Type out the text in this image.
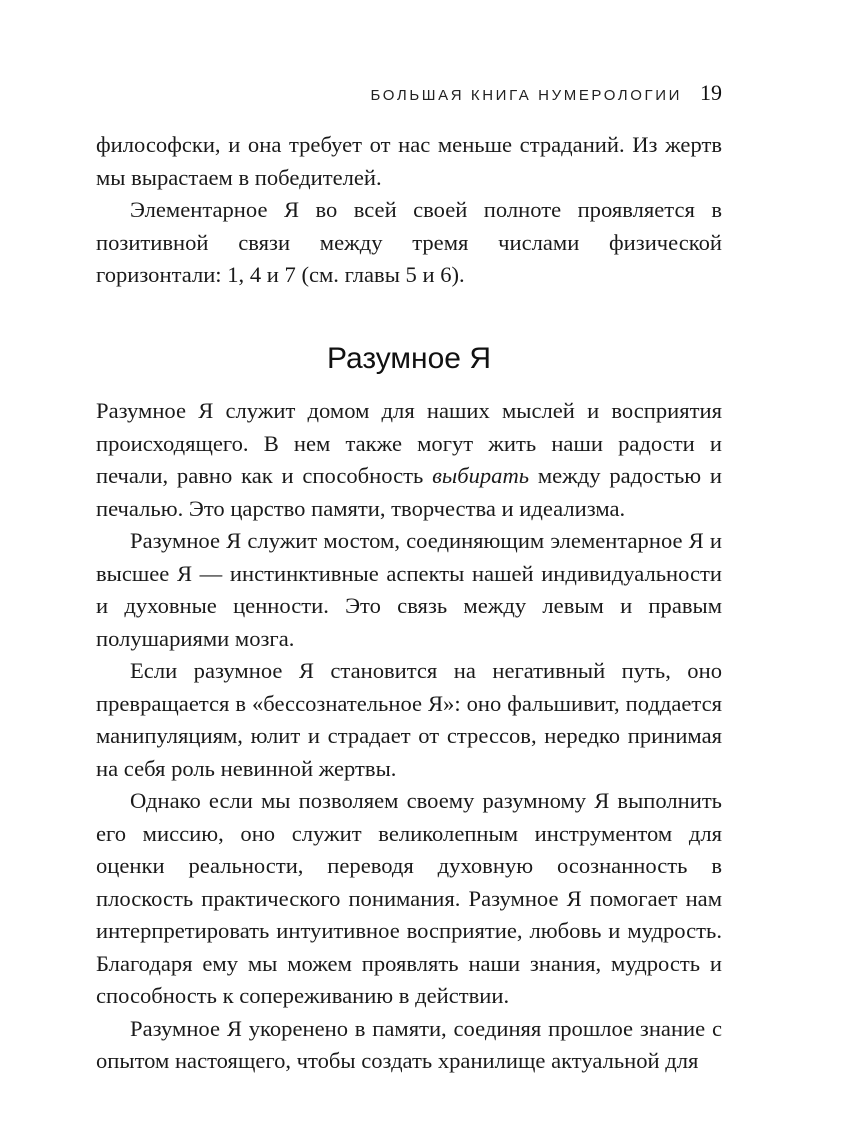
БОЛЬШАЯ КНИГА НУМЕРОЛОГИИ 19

философски, и она требует от нас меньше страданий. Из жертв мы вырастаем в победителей.

Элементарное Я во всей своей полноте проявляется в позитивной связи между тремя числами физической горизонтали: 1, 4 и 7 (см. главы 5 и 6).

Разумное Я

Разумное Я служит домом для наших мыслей и восприятия происходящего. В нем также могут жить наши радости и печали, равно как и способность выбирать между радостью и печалью. Это царство памяти, творчества и идеализма.

Разумное Я служит мостом, соединяющим элементарное Я и высшее Я — инстинктивные аспекты нашей индивидуальности и духовные ценности. Это связь между левым и правым полушариями мозга.

Если разумное Я становится на негативный путь, оно превращается в «бессознательное Я»: оно фальшивит, поддается манипуляциям, юлит и страдает от стрессов, нередко принимая на себя роль невинной жертвы.

Однако если мы позволяем своему разумному Я выполнить его миссию, оно служит великолепным инструментом для оценки реальности, переводя духовную осознанность в плоскость практического понимания. Разумное Я помогает нам интерпретировать интуитивное восприятие, любовь и мудрость. Благодаря ему мы можем проявлять наши знания, мудрость и способность к сопереживанию в действии.

Разумное Я укоренено в памяти, соединяя прошлое знание с опытом настоящего, чтобы создать хранилище актуальной для
